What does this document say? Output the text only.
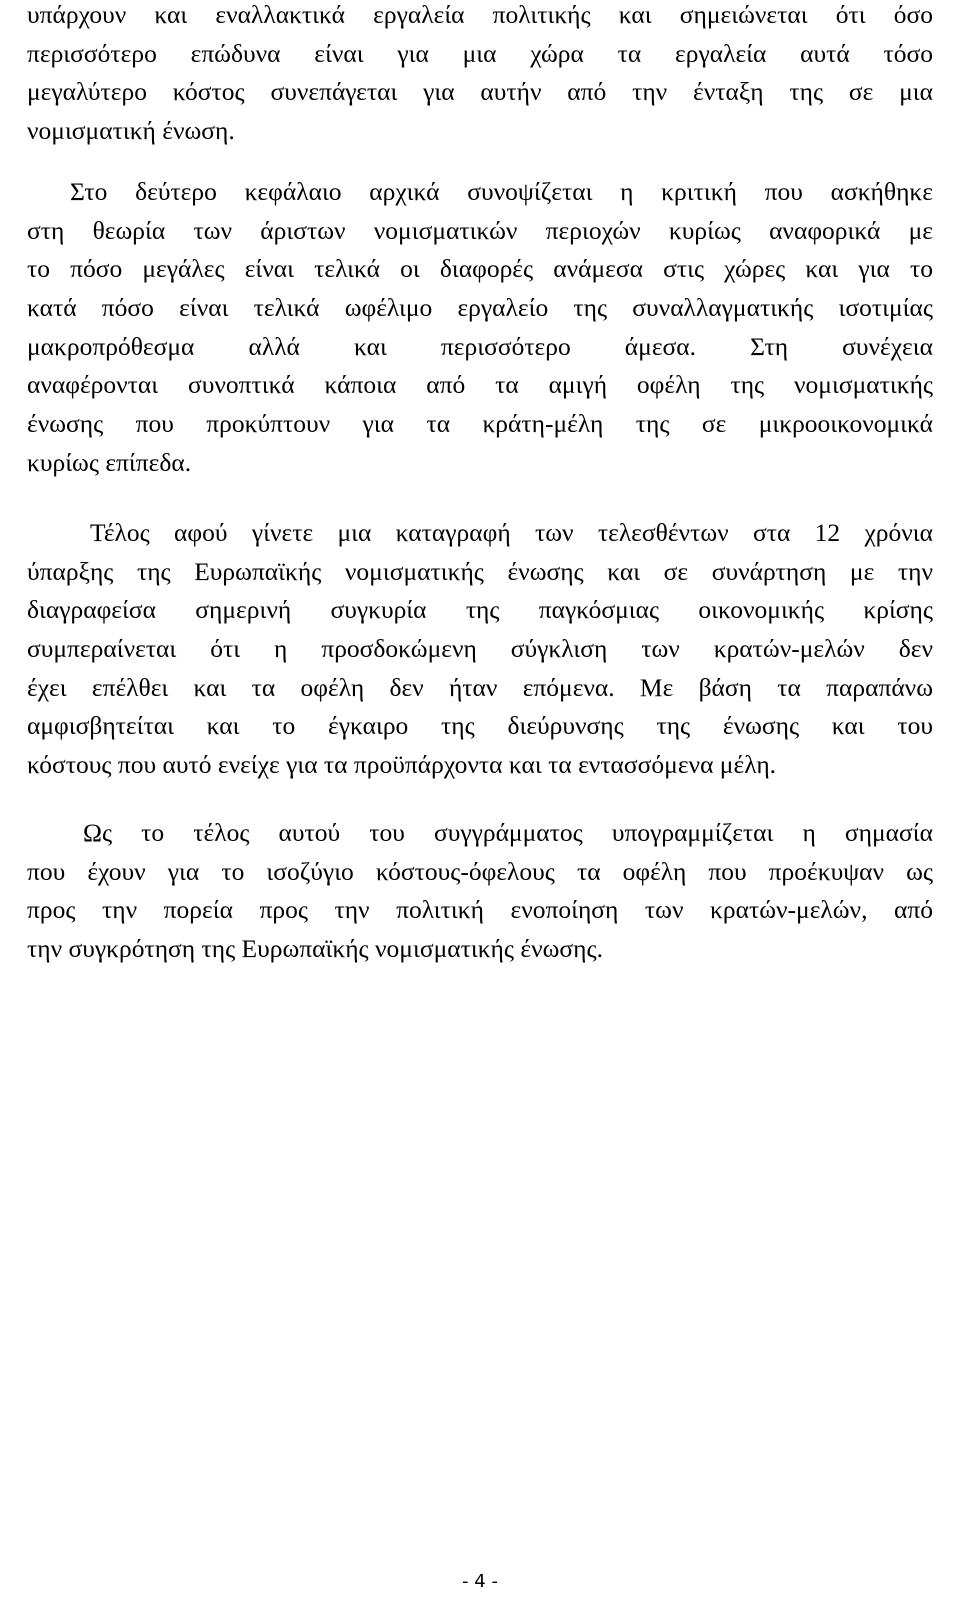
υπάρχουν και εναλλακτικά εργαλεία πολιτικής και σημειώνεται ότι όσο
περισσότερο επώδυνα είναι για μια χώρα τα εργαλεία αυτά τόσο
μεγαλύτερο κόστος συνεπάγεται για αυτήν από την ένταξη της σε μια
νομισματική ένωση.
Στο δεύτερο κεφάλαιο αρχικά συνοψίζεται η κριτική που ασκήθηκε
στη θεωρία των άριστων νομισματικών περιοχών κυρίως αναφορικά με
το πόσο μεγάλες είναι τελικά οι διαφορές ανάμεσα στις χώρες και για το
κατά πόσο είναι τελικά ωφέλιμο εργαλείο της συναλλαγματικής ισοτιμίας
μακροπρόθεσμα αλλά και περισσότερο άμεσα. Στη συνέχεια
αναφέρονται συνοπτικά κάποια από τα αμιγή οφέλη της νομισματικής
ένωσης που προκύπτουν για τα κράτη-μέλη της σε μικροοικονομικά
κυρίως επίπεδα.
Τέλος αφού γίνετε μια καταγραφή των τελεσθέντων στα 12 χρόνια
ύπαρξης της Ευρωπαϊκής νομισματικής ένωσης και σε συνάρτηση με την
διαγραφείσα σημερινή συγκυρία της παγκόσμιας οικονομικής κρίσης
συμπεραίνεται ότι η προσδοκώμενη σύγκλιση των κρατών-μελών δεν
έχει επέλθει και τα οφέλη δεν ήταν επόμενα. Με βάση τα παραπάνω
αμφισβητείται και το έγκαιρο της διεύρυνσης της ένωσης και του
κόστους που αυτό ενείχε για τα προϋπάρχοντα και τα εντασσόμενα μέλη.
Ως το τέλος αυτού του συγγράμματος υπογραμμίζεται η σημασία
που έχουν για το ισοζύγιο κόστους-όφελους τα οφέλη που προέκυψαν ως
προς την πορεία προς την πολιτική ενοποίηση των κρατών-μελών, από
την συγκρότηση της Ευρωπαϊκής νομισματικής ένωσης.
- 4 -
